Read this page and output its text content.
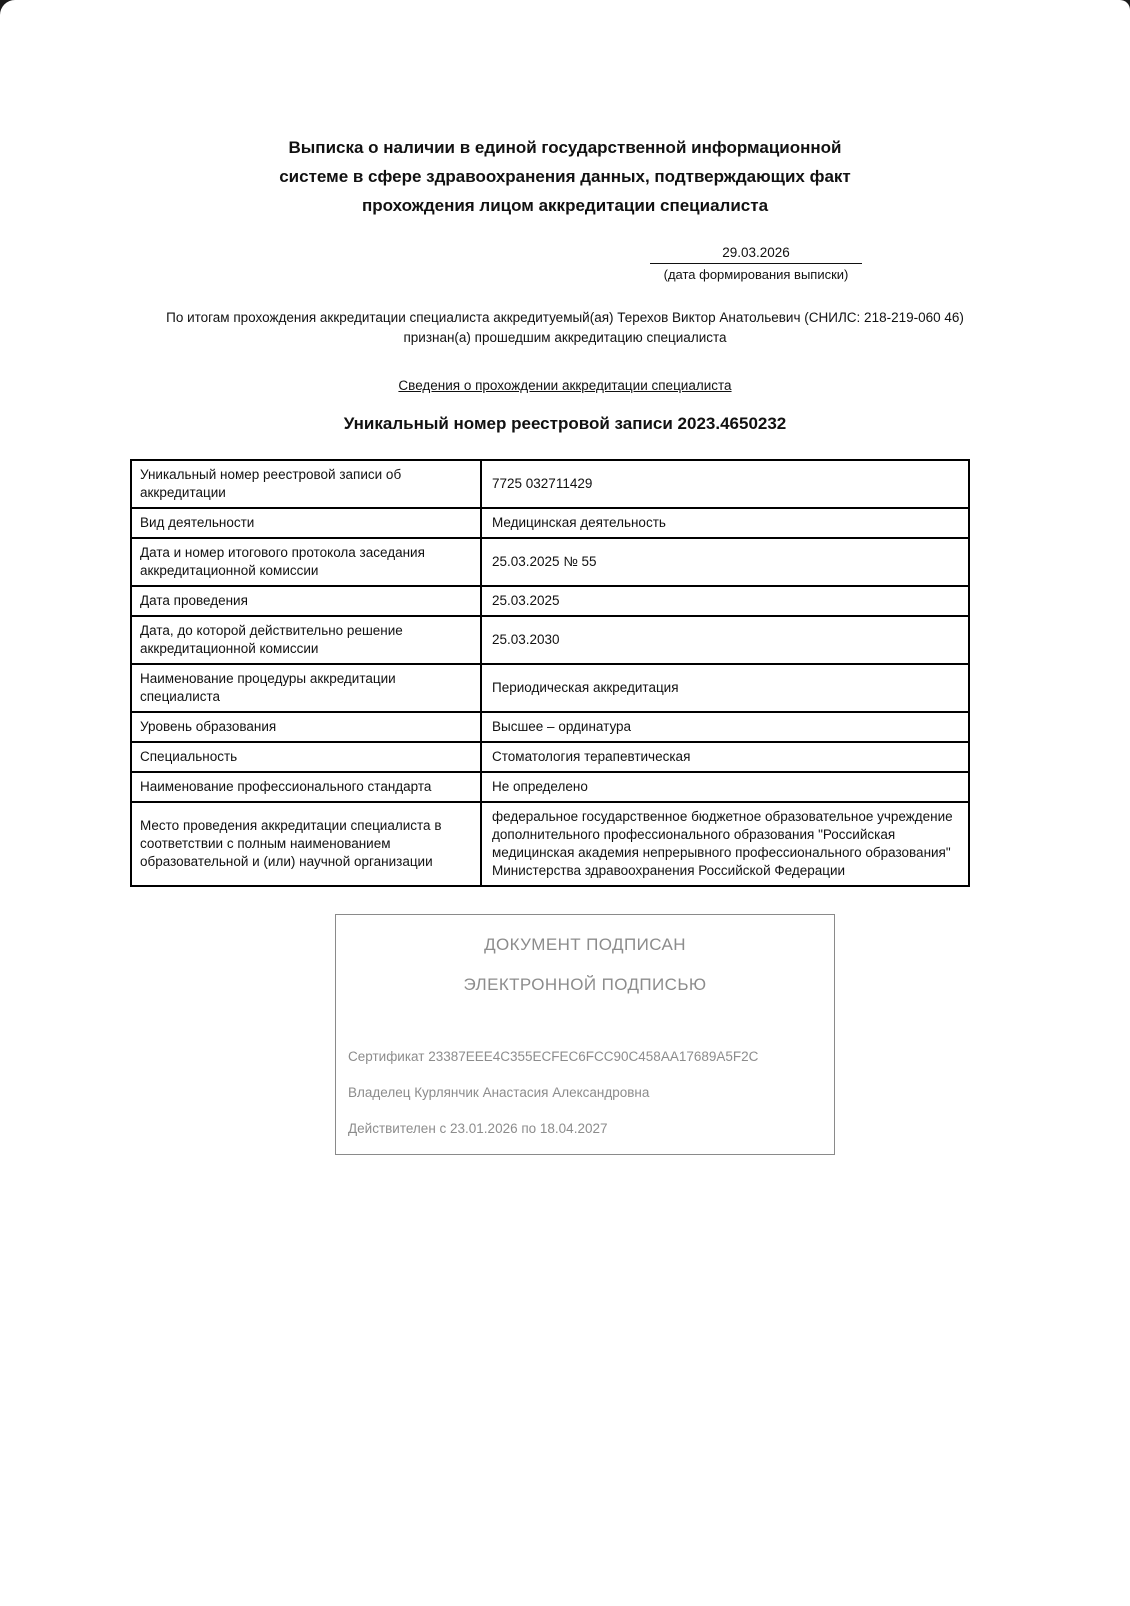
Выписка о наличии в единой государственной информационной системе в сфере здравоохранения данных, подтверждающих факт прохождения лицом аккредитации специалиста
29.03.2026
(дата формирования выписки)

По итогам прохождения аккредитации специалиста аккредитуемый(ая) Терехов Виктор Анатольевич (СНИЛС: 218-219-060 46) признан(а) прошедшим аккредитацию специалиста

Сведения о прохождении аккредитации специалиста
Уникальный номер реестровой записи 2023.4650232
Уникальный номер реестровой записи об аккредитации	7725 032711429
Вид деятельности	Медицинская деятельность
Дата и номер итогового протокола заседания аккредитационной комиссии	25.03.2025 № 55
Дата проведения	25.03.2025
Дата, до которой действительно решение аккредитационной комиссии	25.03.2030
Наименование процедуры аккредитации специалиста	Периодическая аккредитация
Уровень образования	Высшее – ординатура
Специальность	Стоматология терапевтическая
Наименование профессионального стандарта	Не определено
Место проведения аккредитации специалиста в соответствии с полным наименованием образовательной и (или) научной организации	федеральное государственное бюджетное образовательное учреждение дополнительного профессионального образования "Российская медицинская академия непрерывного профессионального образования" Министерства здравоохранения Российской Федерации
ДОКУМЕНТ ПОДПИСАН
ЭЛЕКТРОННОЙ ПОДПИСЬЮ
Сертификат 23387EEE4C355ECFEC6FCC90C458AA17689A5F2C
Владелец Курлянчик Анастасия Александровна
Действителен с 23.01.2026 по 18.04.2027
